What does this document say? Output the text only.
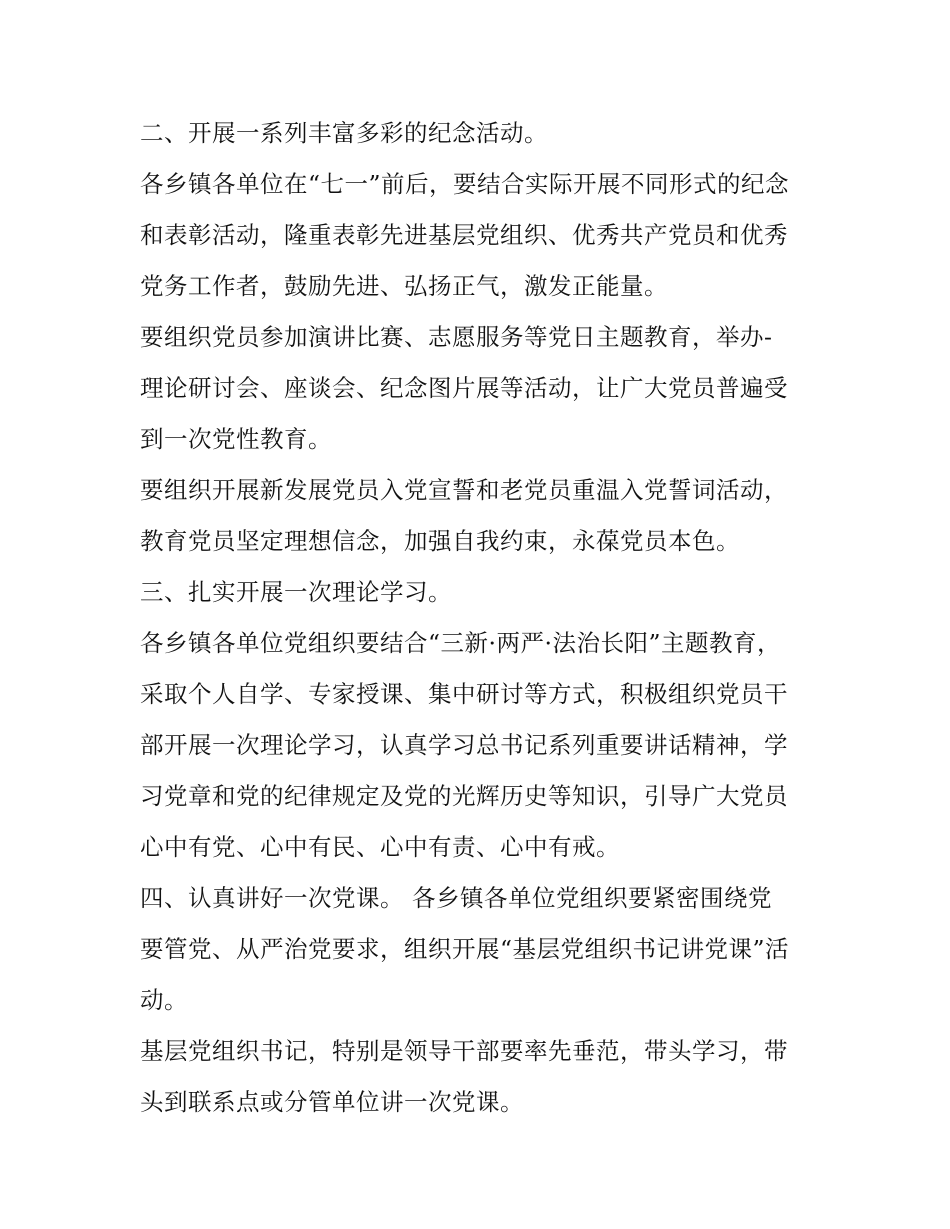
二、开展一系列丰富多彩的纪念活动。
各乡镇各单位在“七一”前后，要结合实际开展不同形式的纪念
和表彰活动，隆重表彰先进基层党组织、优秀共产党员和优秀
党务工作者，鼓励先进、弘扬正气，激发正能量。
要组织党员参加演讲比赛、志愿服务等党日主题教育，举办-
理论研讨会、座谈会、纪念图片展等活动，让广大党员普遍受
到一次党性教育。
要组织开展新发展党员入党宣誓和老党员重温入党誓词活动，
教育党员坚定理想信念，加强自我约束，永葆党员本色。
三、扎实开展一次理论学习。
各乡镇各单位党组织要结合“三新·两严·法治长阳”主题教育，
采取个人自学、专家授课、集中研讨等方式，积极组织党员干
部开展一次理论学习，认真学习总书记系列重要讲话精神，学
习党章和党的纪律规定及党的光辉历史等知识，引导广大党员
心中有党、心中有民、心中有责、心中有戒。
四、认真讲好一次党课。 各乡镇各单位党组织要紧密围绕党
要管党、从严治党要求，组织开展“基层党组织书记讲党课”活
动。
基层党组织书记，特别是领导干部要率先垂范，带头学习，带
头到联系点或分管单位讲一次党课。
